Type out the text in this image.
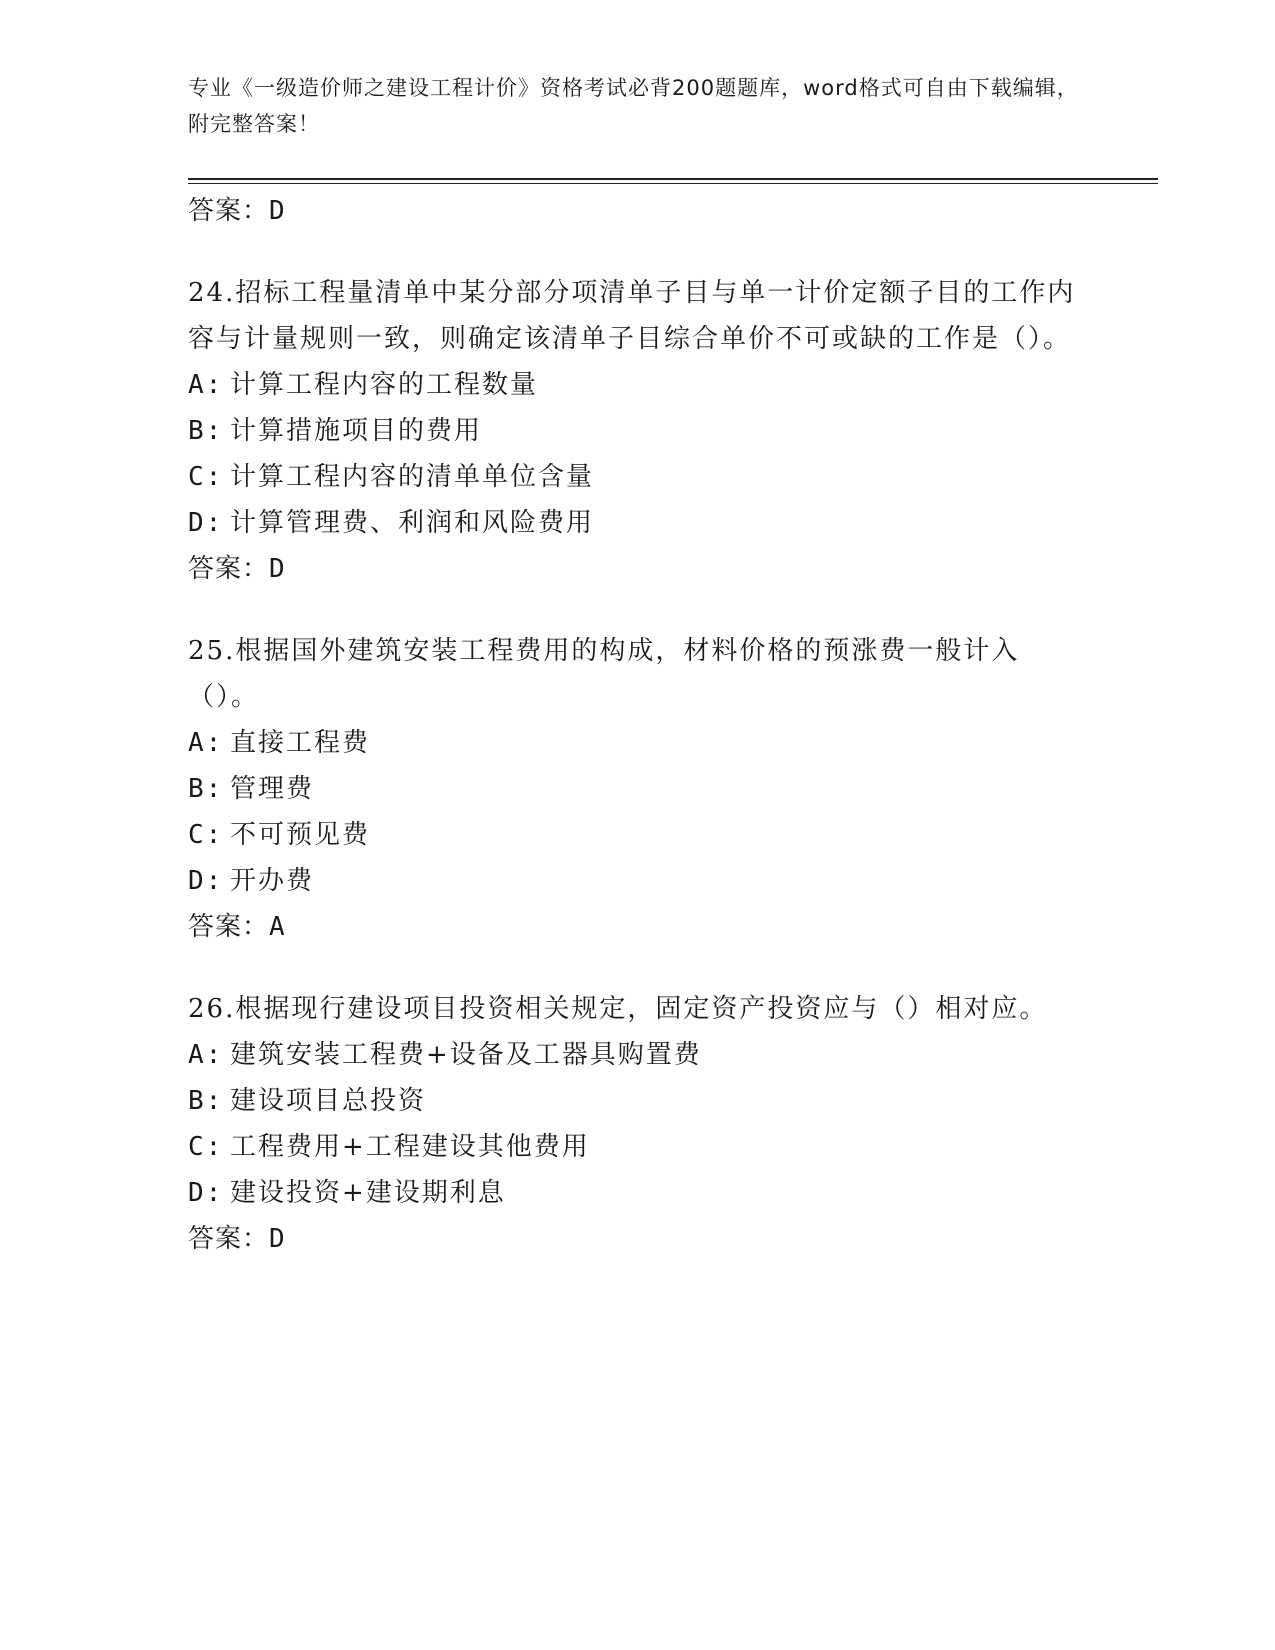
专业《一级造价师之建设工程计价》资格考试必背200题题库，word格式可自由下载编辑，附完整答案！
答案：D
24.招标工程量清单中某分部分项清单子目与单一计价定额子目的工作内容与计量规则一致，则确定该清单子目综合单价不可或缺的工作是（）。
A: 计算工程内容的工程数量
B: 计算措施项目的费用
C: 计算工程内容的清单单位含量
D: 计算管理费、利润和风险费用
答案：D
25.根据国外建筑安装工程费用的构成，材料价格的预涨费一般计入（）。
A: 直接工程费
B: 管理费
C: 不可预见费
D: 开办费
答案：A
26.根据现行建设项目投资相关规定，固定资产投资应与（）相对应。
A: 建筑安装工程费+设备及工器具购置费
B: 建设项目总投资
C: 工程费用+工程建设其他费用
D: 建设投资+建设期利息
答案：D
